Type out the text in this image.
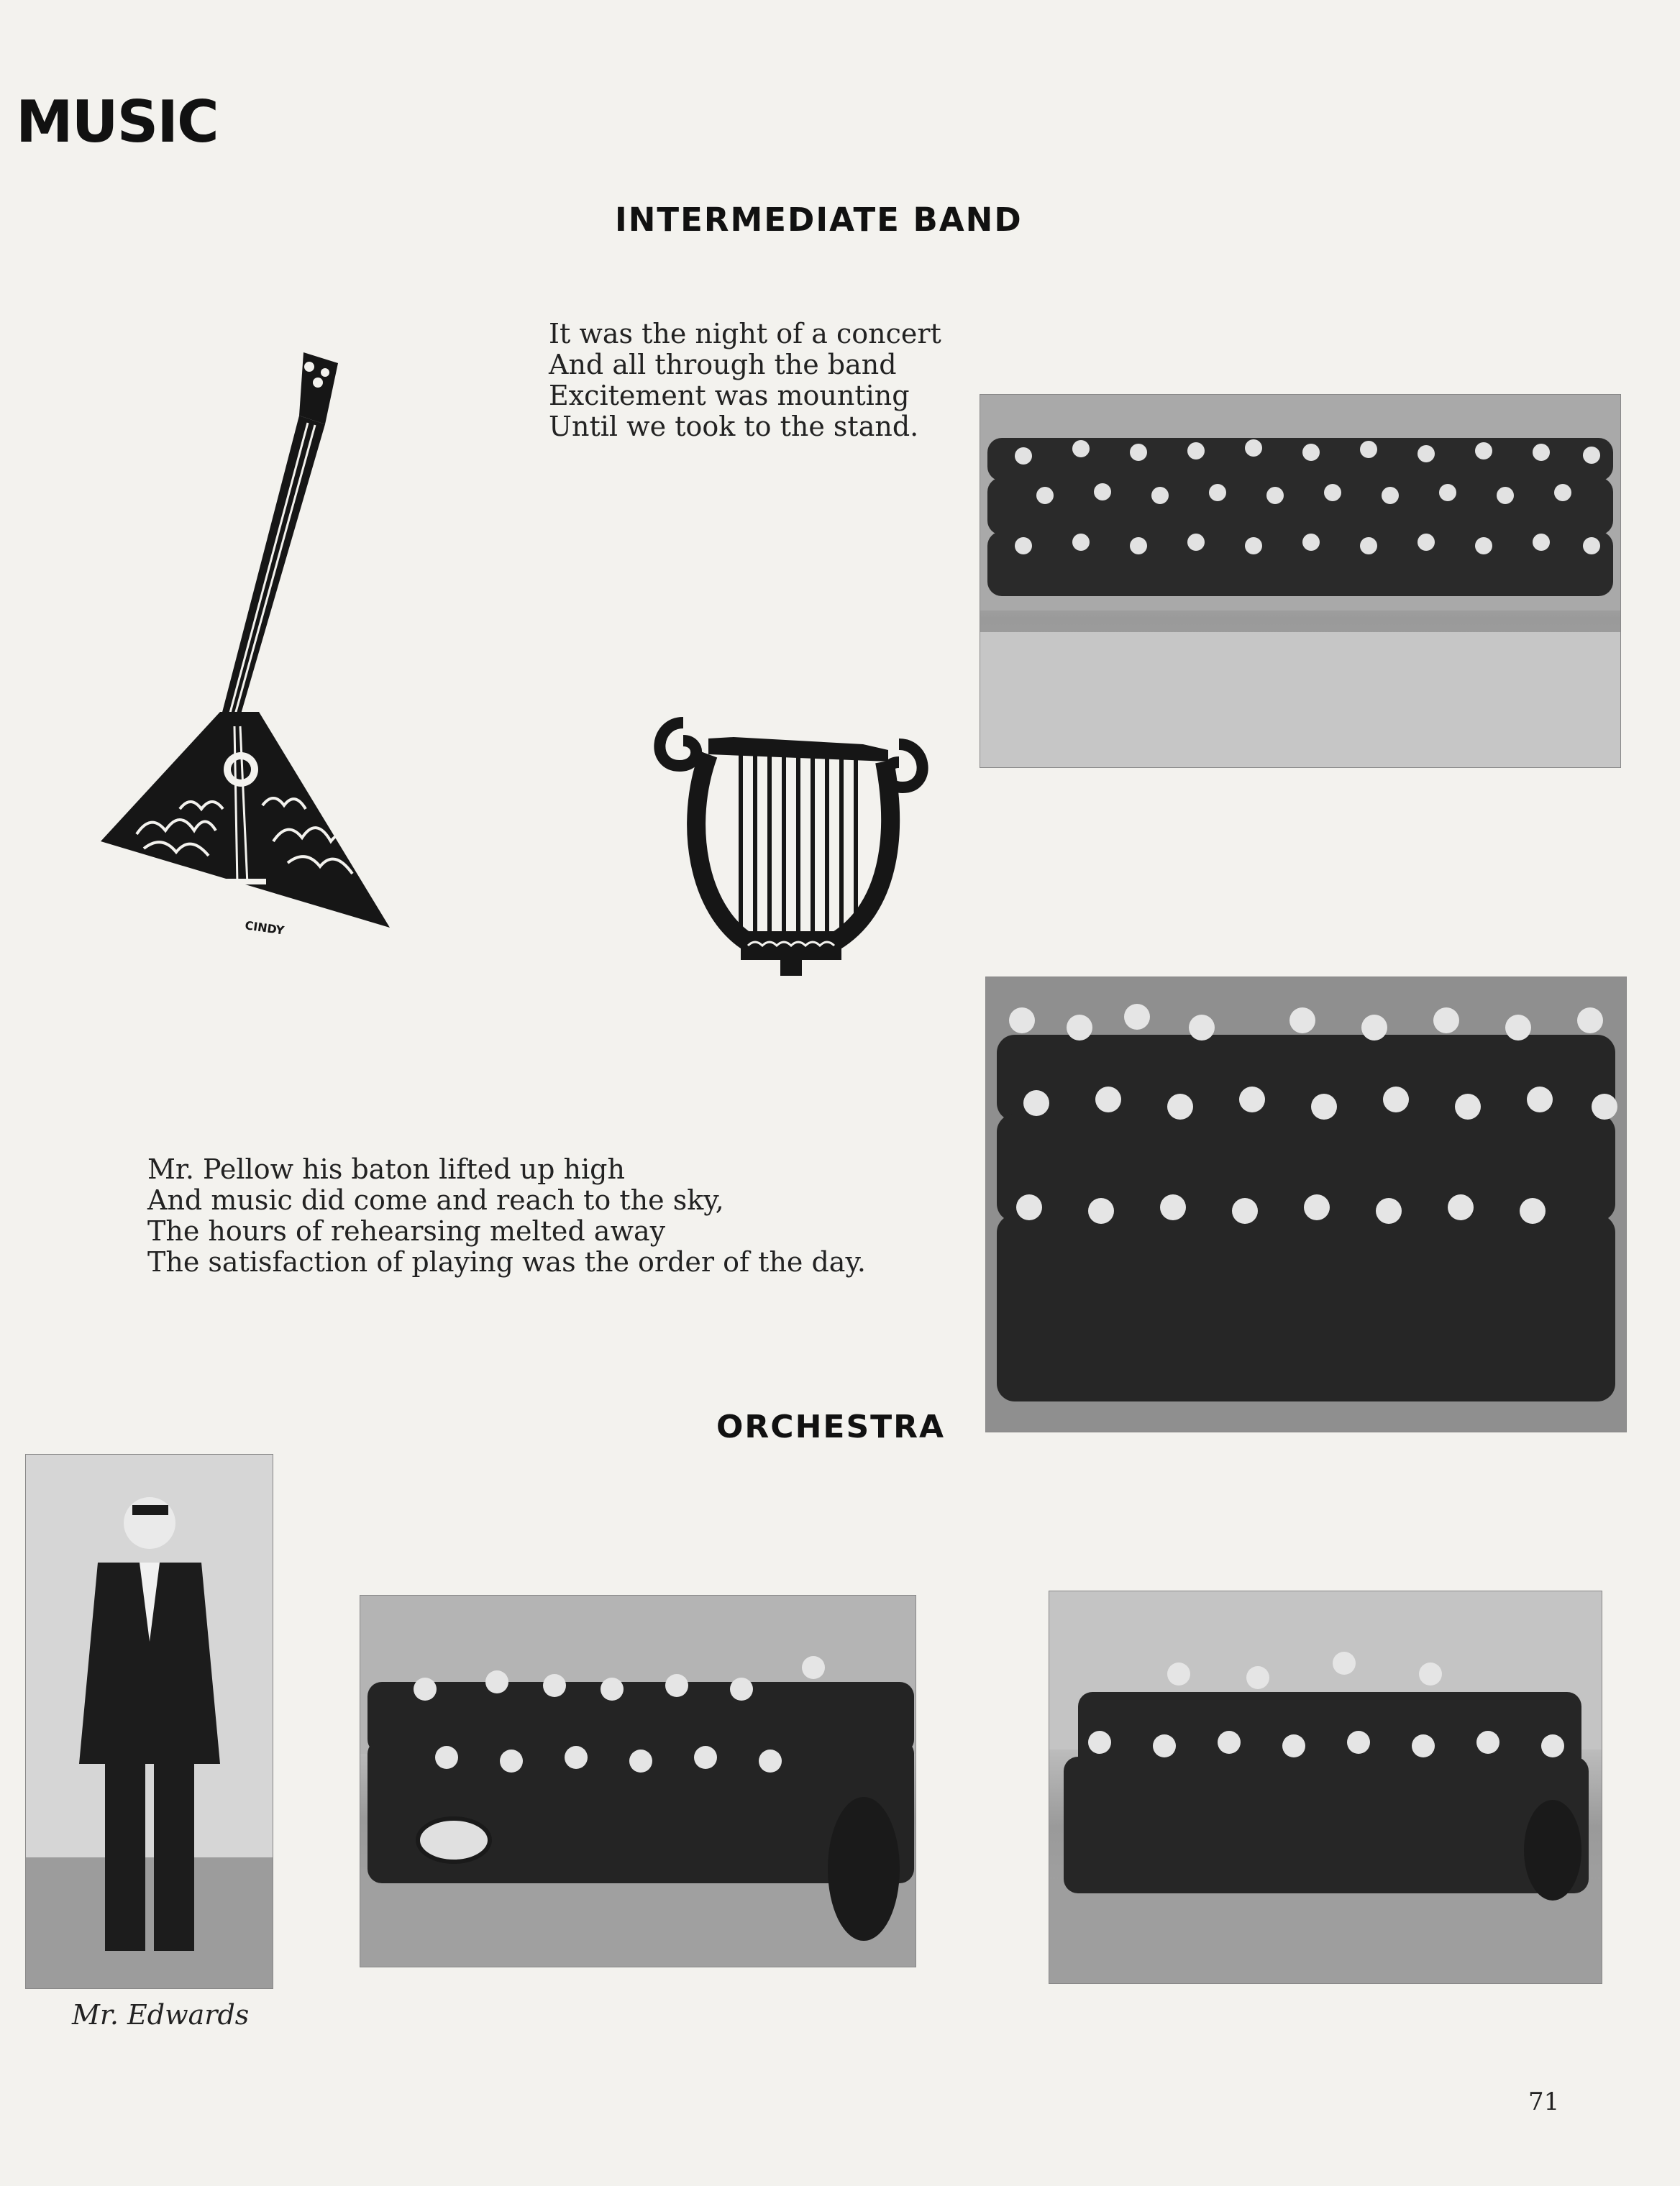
MUSIC
INTERMEDIATE BAND
It was the night of a concert
And all through the band
Excitement was mounting
Until we took to the stand.
CINDY
Mr. Pellow his baton lifted up high
And music did come and reach to the sky,
The hours of rehearsing melted away
The satisfaction of playing was the order of the day.
ORCHESTRA
Mr. Edwards
71
